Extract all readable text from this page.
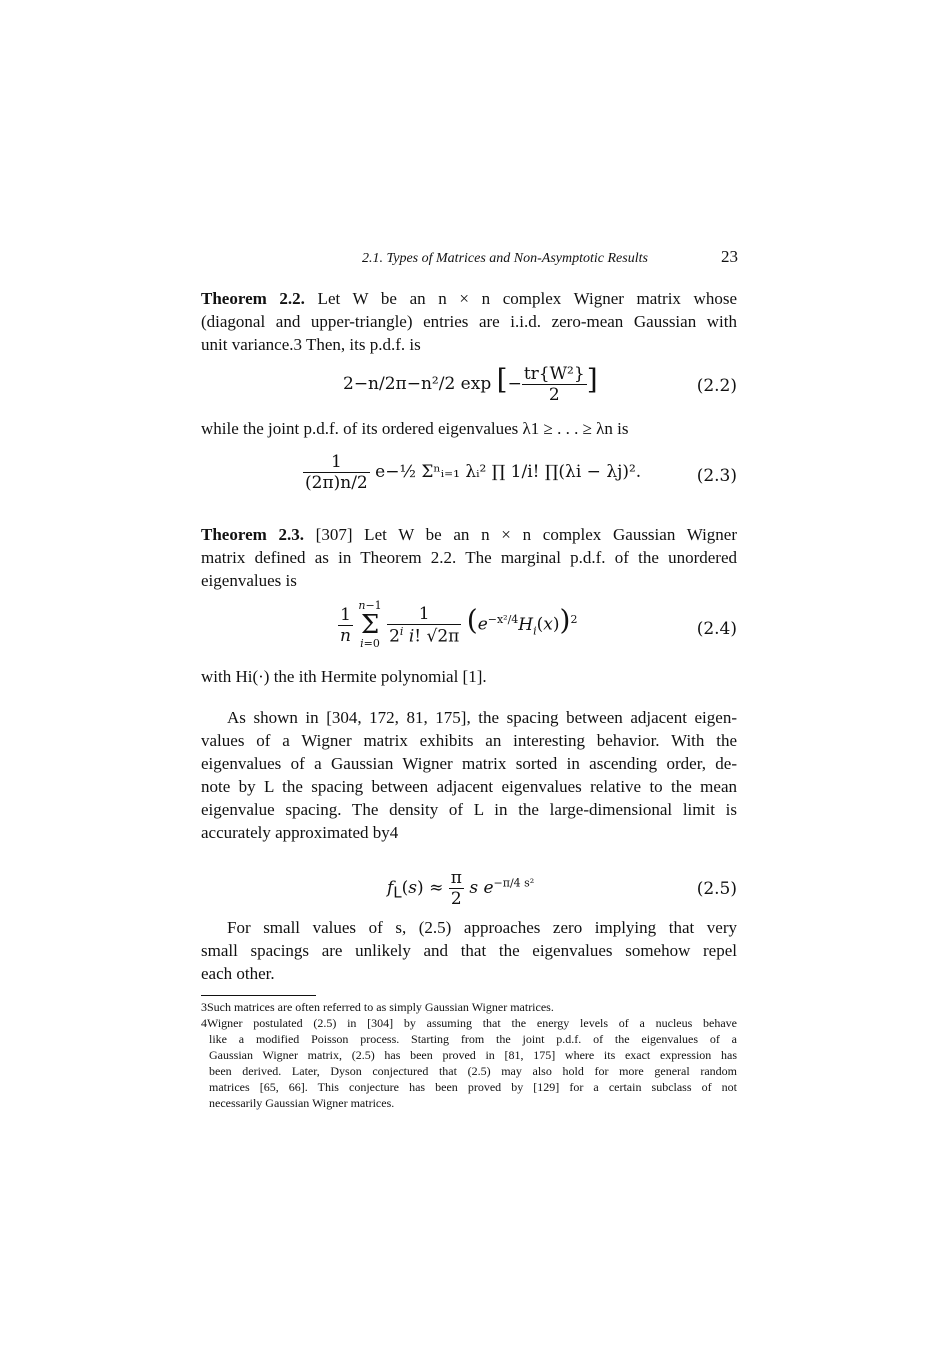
2.1. Types of Matrices and Non-Asymptotic Results	23
Theorem 2.2. Let W be an n × n complex Wigner matrix whose
(diagonal and upper-triangle) entries are i.i.d. zero-mean Gaussian with
unit variance.3 Then, its p.d.f. is
2−n/2π−n²/2 exp [− $\frac{\text{tr\{W²\}}}{2}$ ]	(2.2)
while the joint p.d.f. of its ordered eigenvalues λ1 ≥ . . . ≥ λn is
$\frac{1}{(2\pi)n/2}$ e−½ Σⁿᵢ₌₁ λᵢ² ∏ 1/i! ∏(λi − λj)².	(2.3)
Theorem 2.3. [307] Let W be an n × n complex Gaussian Wigner
matrix defined as in Theorem 2.2. The marginal p.d.f. of the unordered
eigenvalues is
$\frac{1}{n} n-1$
Σ
$i=0 \frac{1}{2^i i! √2\pi} (e^{-x^2/4}H_i(x))^2$	(2.4)
with Hi(·) the ith Hermite polynomial [1].
As shown in [304, 172, 81, 175], the spacing between adjacent eigen-
values of a Wigner matrix exhibits an interesting behavior. With the
eigenvalues of a Gaussian Wigner matrix sorted in ascending order, de-
note by L the spacing between adjacent eigenvalues relative to the mean
eigenvalue spacing. The density of L in the large-dimensional limit is
accurately approximated by4
$f_L(s) \approx \frac{\pi}{2}$ s $e^{-\pi/4 s^2}$	(2.5)
For small values of s, (2.5) approaches zero implying that very
small spacings are unlikely and that the eigenvalues somehow repel
each other.
3Such matrices are often referred to as simply Gaussian Wigner matrices.
4Wigner postulated (2.5) in [304] by assuming that the energy levels of a nucleus behave
like a modified Poisson process. Starting from the joint p.d.f. of the eigenvalues of a
Gaussian Wigner matrix, (2.5) has been proved in [81, 175] where its exact expression has
been derived. Later, Dyson conjectured that (2.5) may also hold for more general random
matrices [65, 66]. This conjecture has been proved by [129] for a certain subclass of not
necessarily Gaussian Wigner matrices.
